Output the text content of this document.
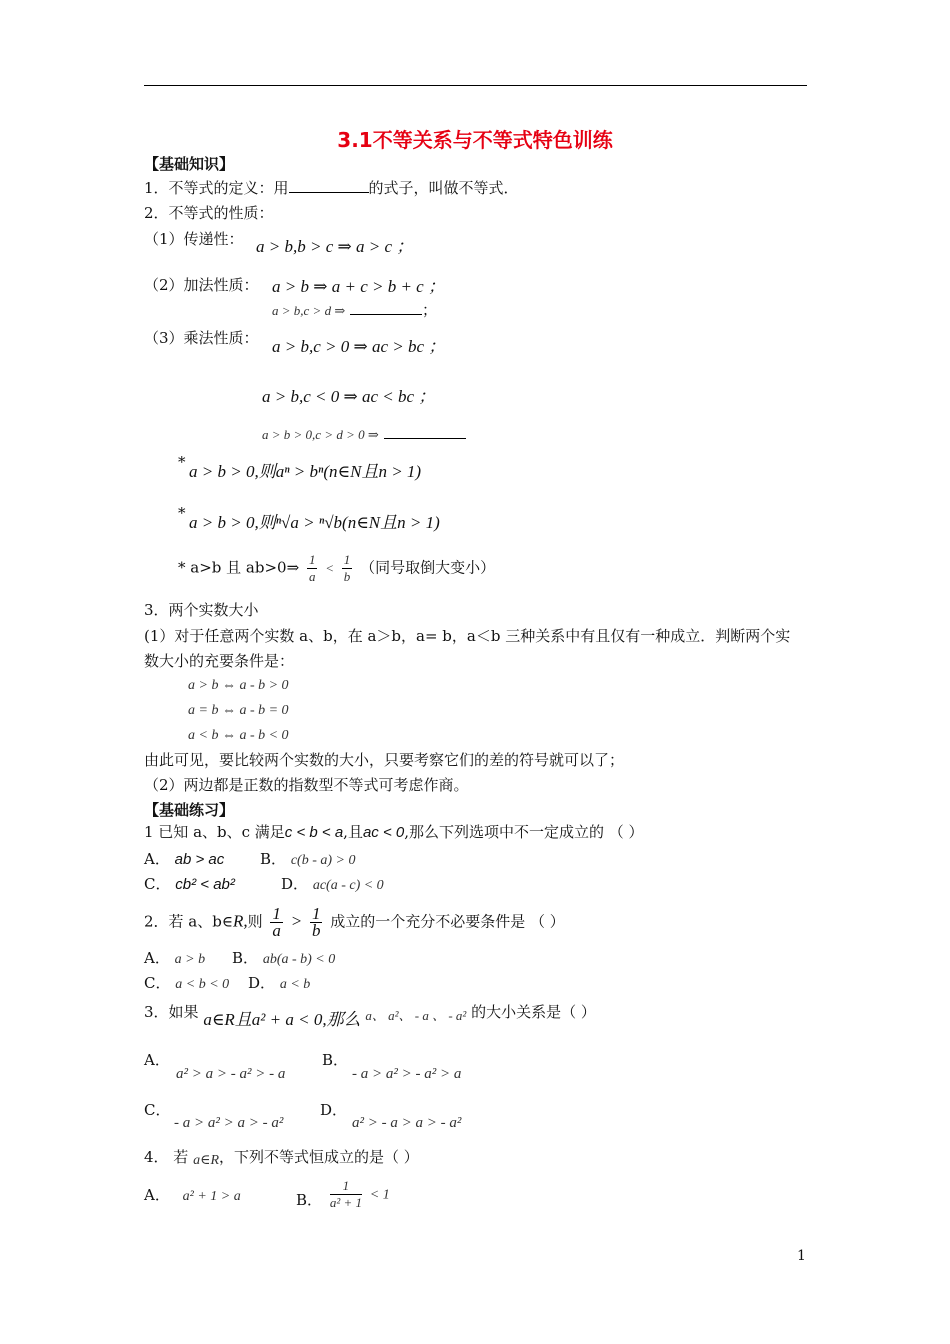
3.1不等关系与不等式特色训练
【基础知识】
1．不等式的定义：用	的式子，叫做不等式．
2．不等式的性质：
（1）传递性： a > b,b > c ⇒ a > c ；
（2）加法性质： a > b ⇒ a + c > b + c ；
a > b,c > d ⇒	；
（3）乘法性质： a > b,c > 0 ⇒ ac > bc ；
a > b,c < 0 ⇒ ac < bc ；
a > b > 0,c > d > 0 ⇒
* a > b > 0,则aⁿ > bⁿ(n∈N且n > 1)
* a > b > 0,则ⁿ√a > ⁿ√b(n∈N且n > 1)
* a>b 且 ab>0⇒ $\frac{1}{a} < \frac{1}{b}$ （同号取倒大变小）
3．两个实数大小
(1）对于任意两个实数 a、b，在 a＞b，a= b，a＜b 三种关系中有且仅有一种成立．判断两个实
数大小的充要条件是：
a > b ⇔ a - b > 0
a = b ⇔ a - b = 0
a < b ⇔ a - b < 0
由此可见，要比较两个实数的大小，只要考察它们的差的符号就可以了；
（2）两边都是正数的指数型不等式可考虑作商。
【基础练习】
1 已知 a、b、c 满足c < b < a,且ac < 0,那么下列选项中不一定成立的 （ ）
A． ab > ac B． c(b - a) > 0
C． cb² < ab²	D． ac(a - c) < 0
2．若 a、b∈R,则 $\frac{1}{a} > \frac{1}{b}$ 成立的一个充分不必要条件是 （ ）
A． a > b B． ab(a - b) < 0
C． a < b < 0 D． a < b
3．如果 a∈R且a² + a < 0,那么 a、 a²、 - a 、 - a² 的大小关系是（ ）
A．
a² > a > - a² > - a
B．
- a > a² > - a² > a
C．
- a > a² > a > - a²
D．
a² > - a > a > - a²
4． 若 a∈R，下列不等式恒成立的是（ ）
A． a² + 1 > a	B． $\frac{1}{\text{a² + 1}} < 1$
1
